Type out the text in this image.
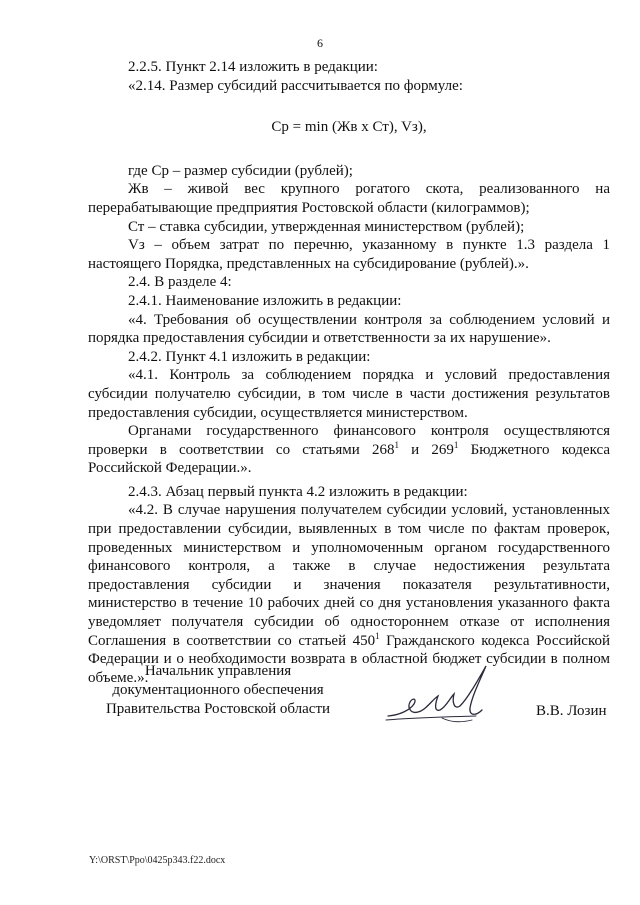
6

2.2.5. Пункт 2.14 изложить в редакции:

«2.14. Размер субсидий рассчитывается по формуле:

Ср = min (Жв х Ст), Vз),

где Ср – размер субсидии (рублей);

Жв – живой вес крупного рогатого скота, реализованного на перерабатывающие предприятия Ростовской области (килограммов);

Ст – ставка субсидии, утвержденная министерством (рублей);

Vз – объем затрат по перечню, указанному в пункте 1.3 раздела 1 настоящего Порядка, представленных на субсидирование (рублей).».

2.4. В разделе 4:

2.4.1. Наименование изложить в редакции:

«4. Требования об осуществлении контроля за соблюдением условий и порядка предоставления субсидии и ответственности за их нарушение».

2.4.2. Пункт 4.1 изложить в редакции:

«4.1. Контроль за соблюдением порядка и условий предоставления субсидии получателю субсидии, в том числе в части достижения результатов предоставления субсидии, осуществляется министерством.

Органами государственного финансового контроля осуществляются проверки в соответствии со статьями $268^1$ и $269^1$ Бюджетного кодекса Российской Федерации.».

2.4.3. Абзац первый пункта 4.2 изложить в редакции:

«4.2. В случае нарушения получателем субсидии условий, установленных при предоставлении субсидии, выявленных в том числе по фактам проверок, проведенных министерством и уполномоченным органом государственного финансового контроля, а также в случае недостижения результата предоставления субсидии и значения показателя результативности, министерство в течение 10 рабочих дней со дня установления указанного факта уведомляет получателя субсидии об одностороннем отказе от исполнения Соглашения в соответствии со статьей $450^1$ Гражданского кодекса Российской Федерации и о необходимости возврата в областной бюджет субсидии в полном объеме.».

Начальник управления
документационного обеспечения
Правительства Ростовской области	В.В. Лозин
Y:\ORST\Ppo\0425p343.f22.docx
